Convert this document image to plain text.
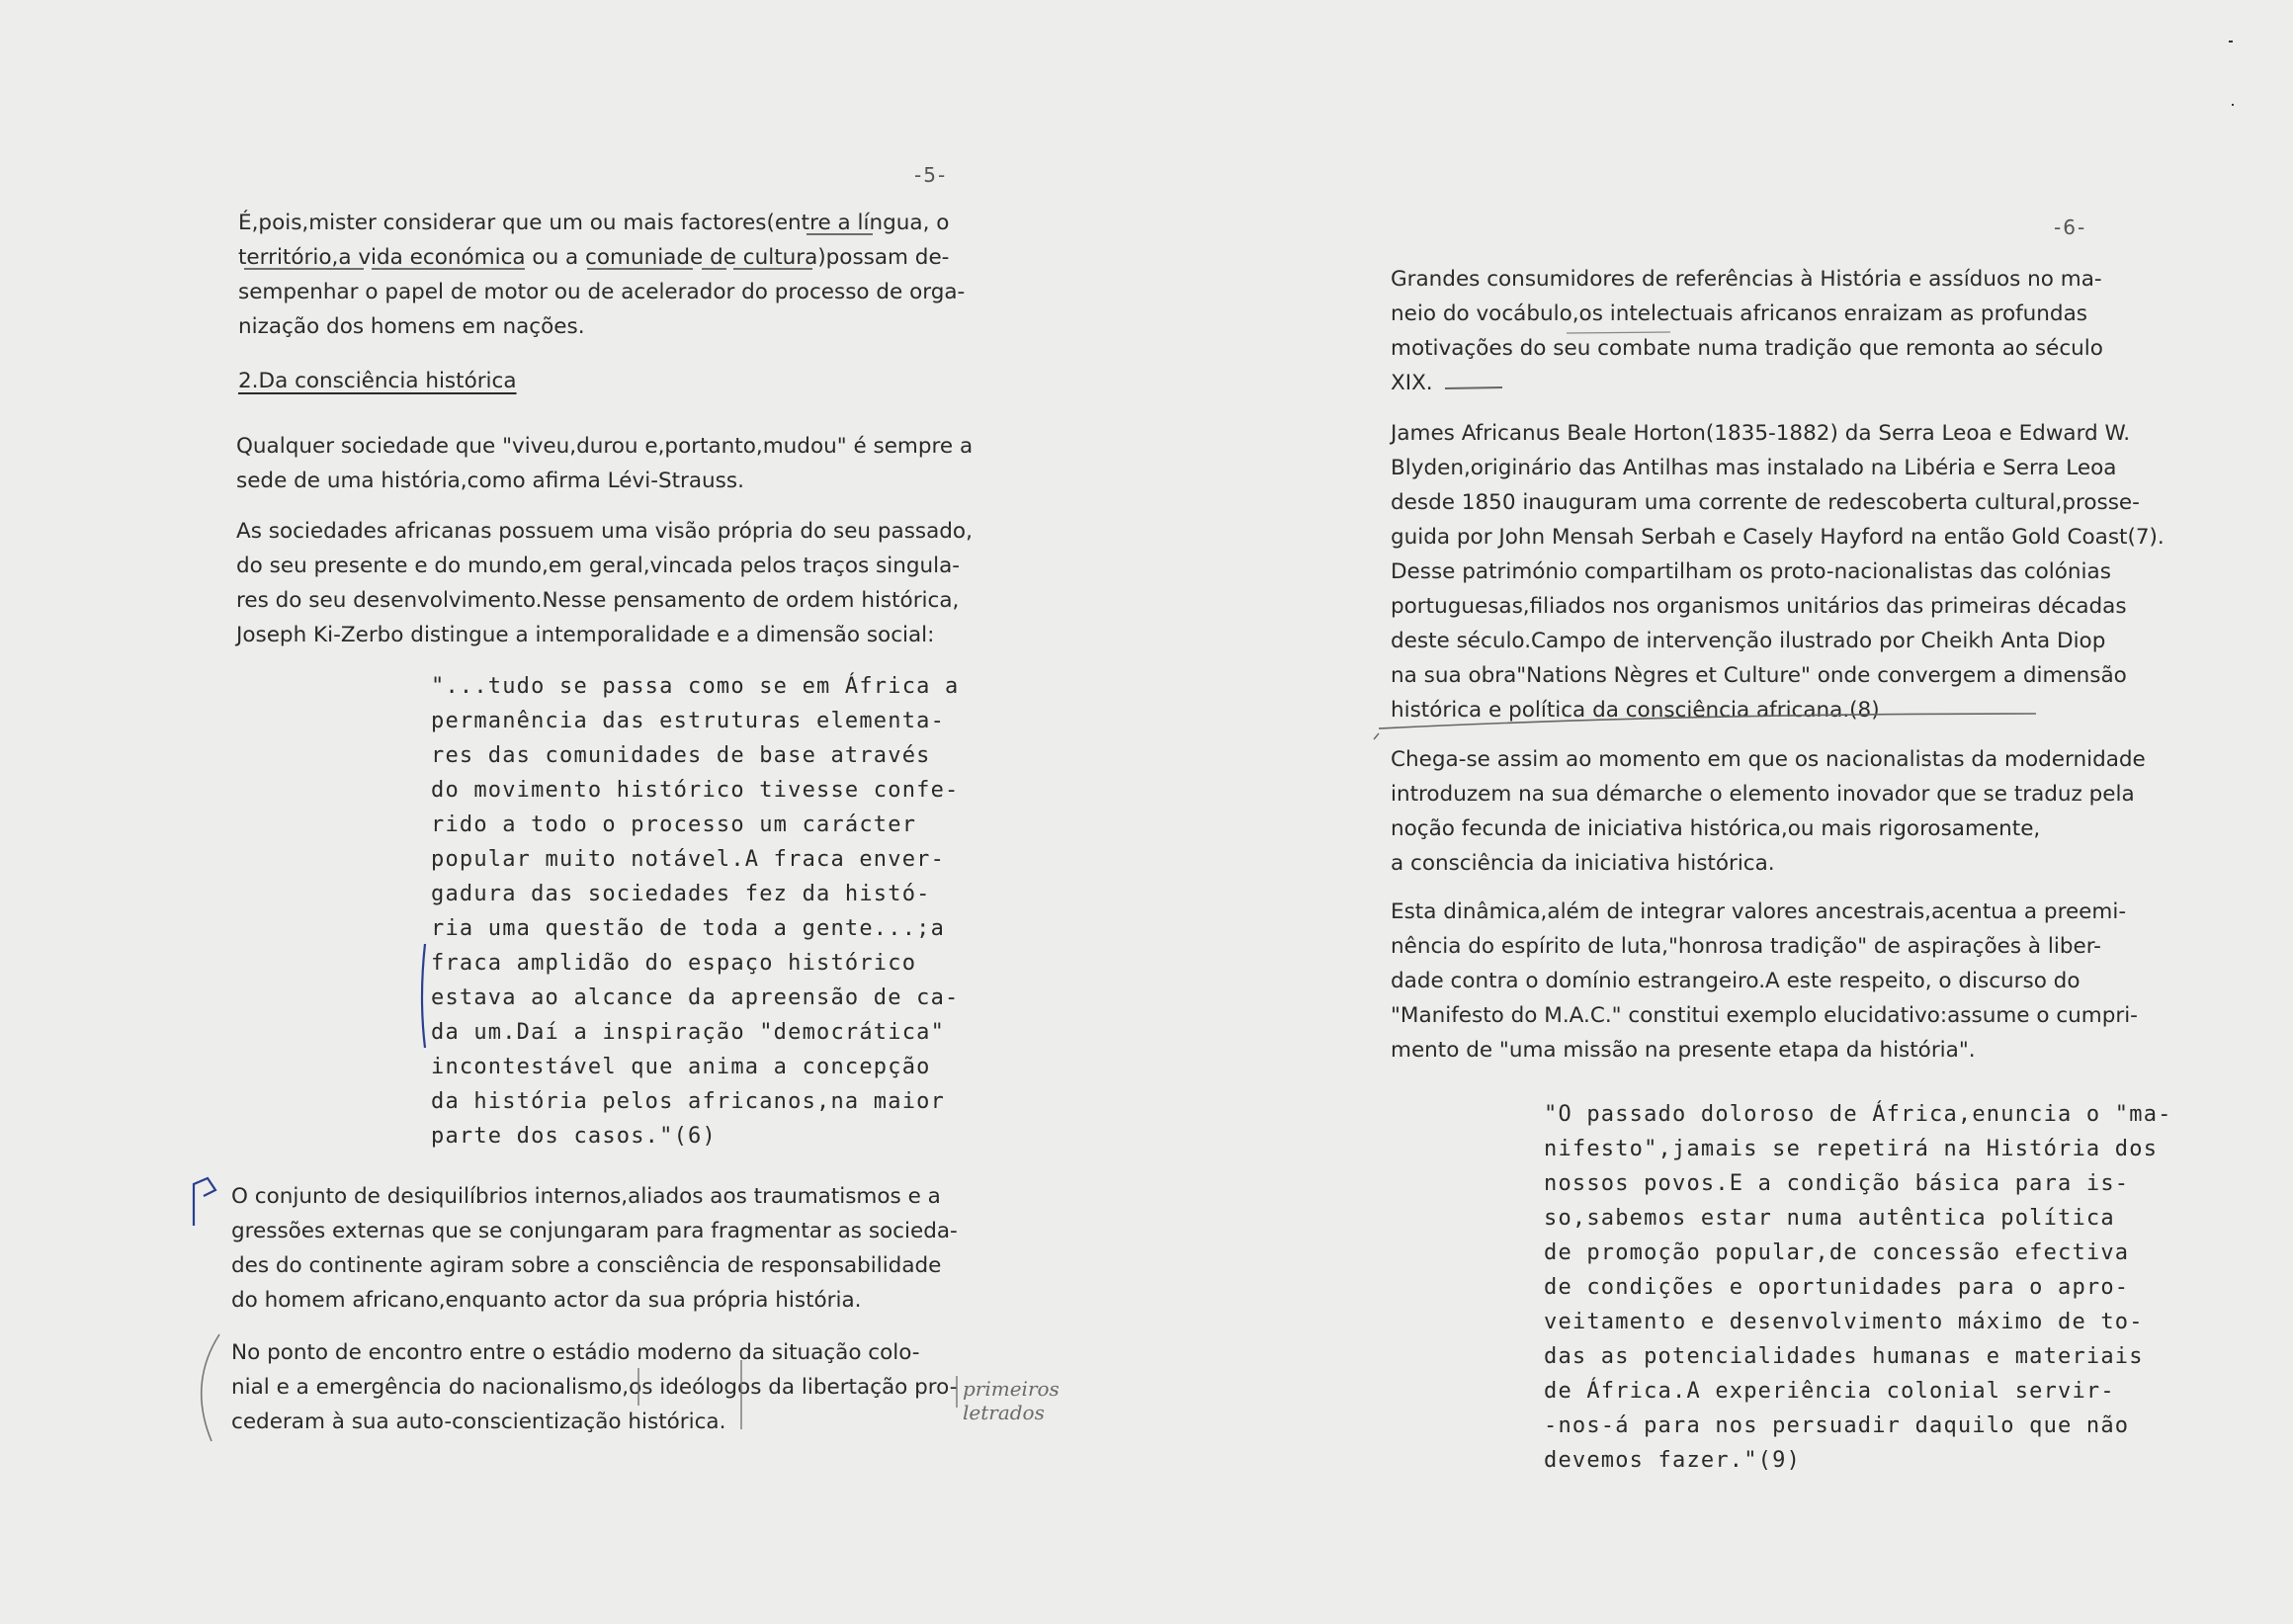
-5-
É,pois,mister considerar que um ou mais factores(entre a língua, o
território,a vida económica ou a comuniade de cultura)possam de-
sempenhar o papel de motor ou de acelerador do processo de orga-
nização dos homens em nações.
2.Da consciência histórica
Qualquer sociedade que "viveu,durou e,portanto,mudou" é sempre a
sede de uma história,como afirma Lévi-Strauss.
As sociedades africanas possuem uma visão própria do seu passado,
do seu presente e do mundo,em geral,vincada pelos traços singula-
res do seu desenvolvimento.Nesse pensamento de ordem histórica,
Joseph Ki-Zerbo distingue a intemporalidade e a dimensão social:
"...tudo se passa como se em África a
permanência das estruturas elementa-
res das comunidades de base através
do movimento histórico tivesse confe-
rido a todo o processo um carácter
popular muito notável.A fraca enver-
gadura das sociedades fez da histó-
ria uma questão de toda a gente...;a
fraca amplidão do espaço histórico
estava ao alcance da apreensão de ca-
da um.Daí a inspiração "democrática"
incontestável que anima a concepção
da história pelos africanos,na maior
parte dos casos."(6)
O conjunto de desiquilíbrios internos,aliados aos traumatismos e a
gressões externas que se conjungaram para fragmentar as socieda-
des do continente agiram sobre a consciência de responsabilidade
do homem africano,enquanto actor da sua própria história.
No ponto de encontro entre o estádio moderno da situação colo-
nial e a emergência do nacionalismo,os ideólogos da libertação pro-
cederam à sua auto-conscientização histórica.
primeiros letrados
-6-
Grandes consumidores de referências à História e assíduos no ma-
neio do vocábulo,os intelectuais africanos enraizam as profundas
motivações do seu combate numa tradição que remonta ao século
XIX.
James Africanus Beale Horton(1835-1882) da Serra Leoa e Edward W.
Blyden,originário das Antilhas mas instalado na Libéria e Serra Leoa
desde 1850 inauguram uma corrente de redescoberta cultural,prosse-
guida por John Mensah Serbah e Casely Hayford na então Gold Coast(7).
Desse património compartilham os proto-nacionalistas das colónias
portuguesas,filiados nos organismos unitários das primeiras décadas
deste século.Campo de intervenção ilustrado por Cheikh Anta Diop
na sua obra"Nations Nègres et Culture" onde convergem a dimensão
histórica e política da consciência africana.(8)
Chega-se assim ao momento em que os nacionalistas da modernidade
introduzem na sua démarche o elemento inovador que se traduz pela
noção fecunda de iniciativa histórica,ou mais rigorosamente,
a consciência da iniciativa histórica.
Esta dinâmica,além de integrar valores ancestrais,acentua a preemi-
nência do espírito de luta,"honrosa tradição" de aspirações à liber-
dade contra o domínio estrangeiro.A este respeito, o discurso do
"Manifesto do M.A.C." constitui exemplo elucidativo:assume o cumpri-
mento de "uma missão na presente etapa da história".
"O passado doloroso de África,enuncia o "ma-
nifesto",jamais se repetirá na História dos
nossos povos.E a condição básica para is-
so,sabemos estar numa autêntica política
de promoção popular,de concessão efectiva
de condições e oportunidades para o apro-
veitamento e desenvolvimento máximo de to-
das as potencialidades humanas e materiais
de África.A experiência colonial servir-
-nos-á para nos persuadir daquilo que não
devemos fazer."(9)
